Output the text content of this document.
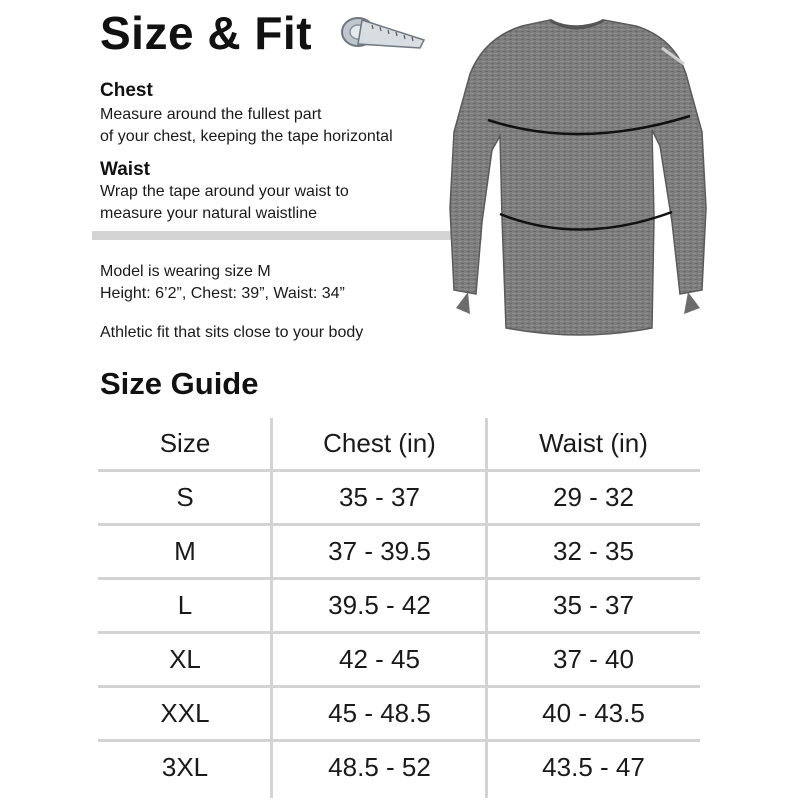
Size & Fit
Chest
Measure around the fullest part
of your chest, keeping the tape horizontal
Waist
Wrap the tape around your waist to
measure your natural waistline
Model is wearing size M
Height: 6’2”, Chest: 39”, Waist: 34”
Athletic fit that sits close to your body
Size Guide
Size	Chest (in)	Waist (in)
S	35 - 37	29 - 32
M	37 - 39.5	32 - 35
L	39.5 - 42	35 - 37
XL	42 - 45	37 - 40
XXL	45 - 48.5	40 - 43.5
3XL	48.5 - 52	43.5 - 47
